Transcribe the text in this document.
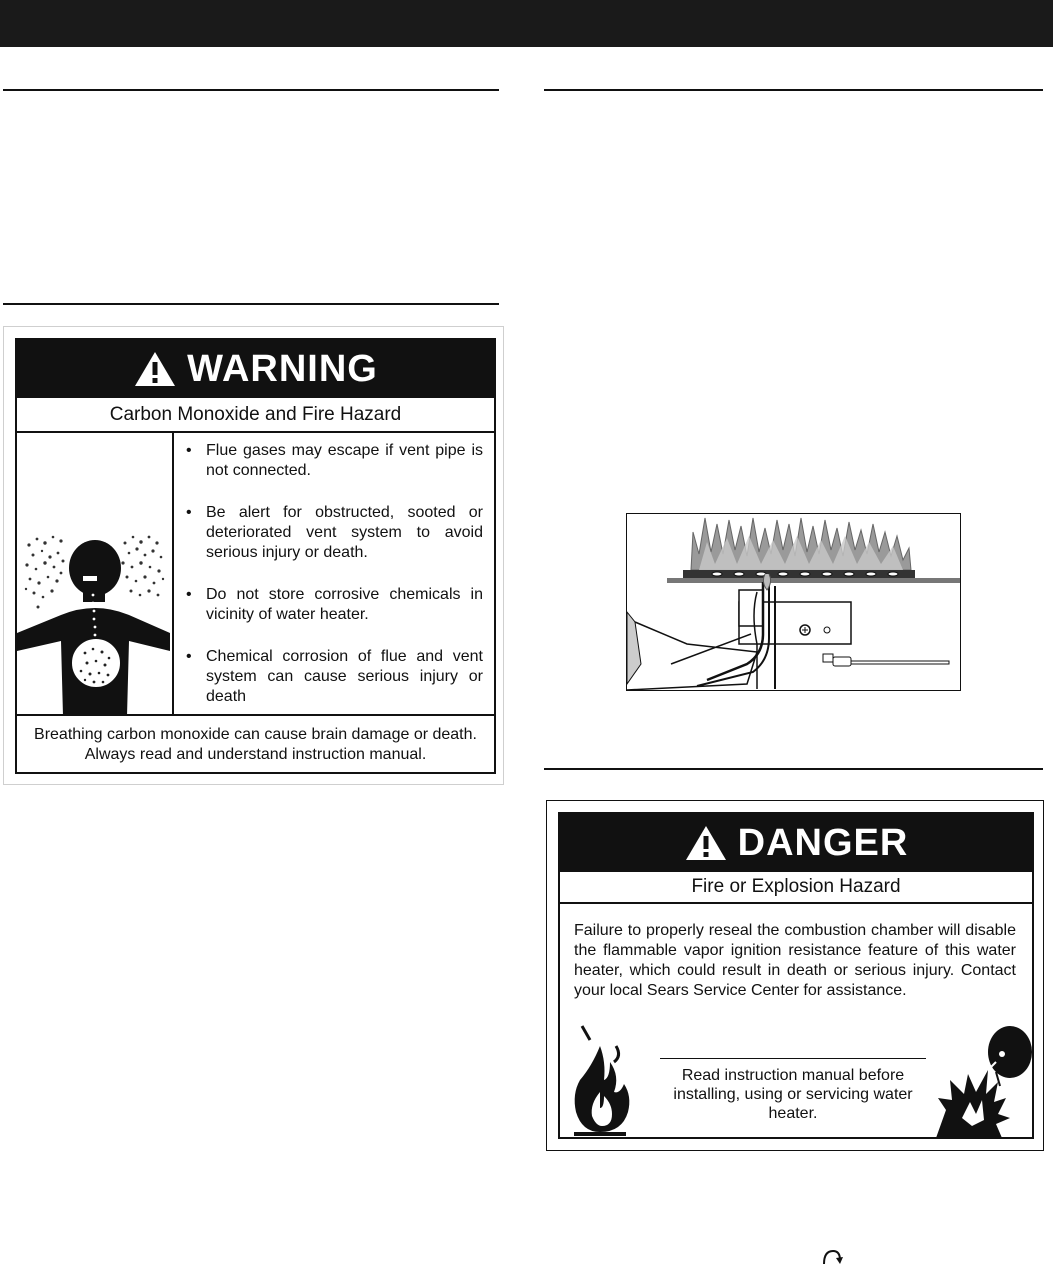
WARNING
Carbon Monoxide and Fire Hazard
• Flue gases may escape if vent pipe is not connected.
• Be alert for obstructed, sooted or deteriorated vent system to avoid serious injury or death.
• Do not store corrosive chemicals in vicinity of water heater.
• Chemical corrosion of flue and vent system can cause serious injury or death
Breathing carbon monoxide can cause brain damage or death. Always read and understand instruction manual.
DANGER
Fire or Explosion Hazard
Failure to properly reseal the combustion chamber will disable the flammable vapor ignition resistance feature of this water heater, which could result in death or serious injury. Contact your local Sears Service Center for assistance.
Read instruction manual before installing, using or servicing water heater.
